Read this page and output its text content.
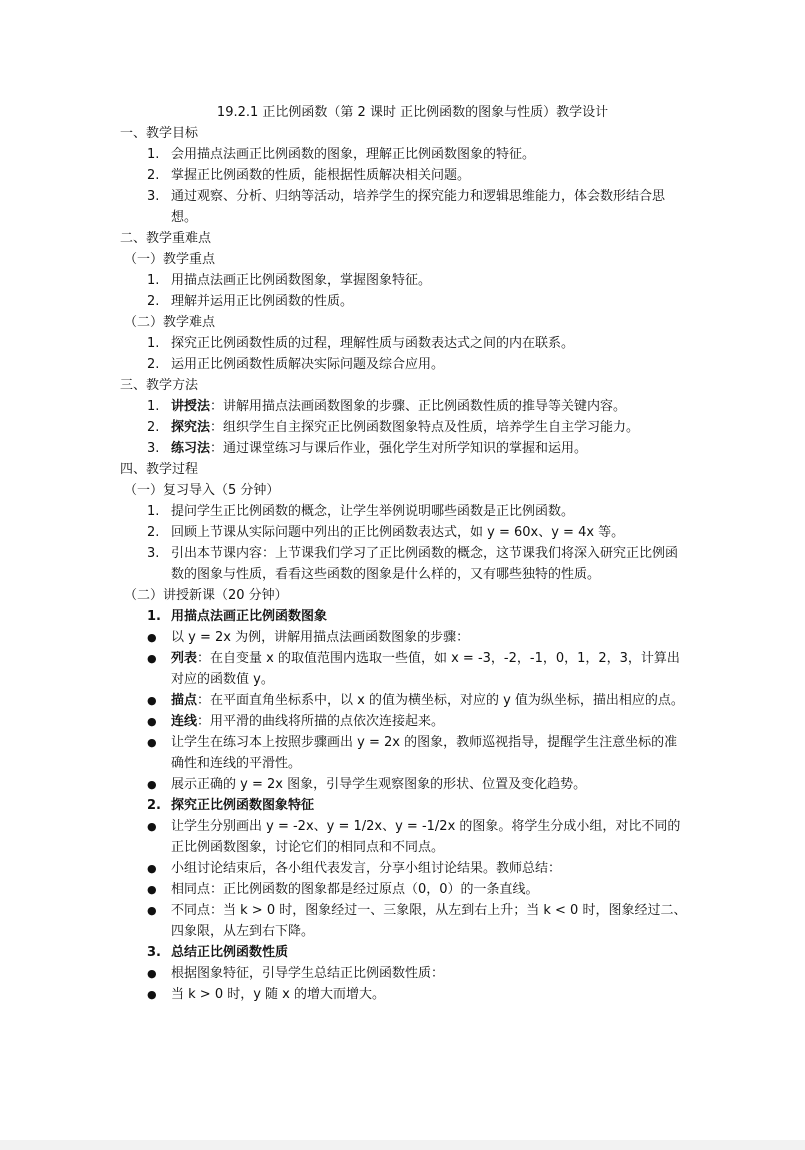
19.2.1 正比例函数（第 2 课时 正比例函数的图象与性质）教学设计
一、教学目标
1. 会用描点法画正比例函数的图象，理解正比例函数图象的特征。
2. 掌握正比例函数的性质，能根据性质解决相关问题。
3. 通过观察、分析、归纳等活动，培养学生的探究能力和逻辑思维能力，体会数形结合思想。
二、教学重难点
（一）教学重点
1. 用描点法画正比例函数图象，掌握图象特征。
2. 理解并运用正比例函数的性质。
（二）教学难点
1. 探究正比例函数性质的过程，理解性质与函数表达式之间的内在联系。
2. 运用正比例函数性质解决实际问题及综合应用。
三、教学方法
1. 讲授法：讲解用描点法画函数图象的步骤、正比例函数性质的推导等关键内容。
2. 探究法：组织学生自主探究正比例函数图象特点及性质，培养学生自主学习能力。
3. 练习法：通过课堂练习与课后作业，强化学生对所学知识的掌握和运用。
四、教学过程
（一）复习导入（5 分钟）
1. 提问学生正比例函数的概念，让学生举例说明哪些函数是正比例函数。
2. 回顾上节课从实际问题中列出的正比例函数表达式，如 y = 60x、y = 4x 等。
3. 引出本节课内容：上节课我们学习了正比例函数的概念，这节课我们将深入研究正比例函数的图象与性质，看看这些函数的图象是什么样的，又有哪些独特的性质。
（二）讲授新课（20 分钟）
1. 用描点法画正比例函数图象
● 以 y = 2x 为例，讲解用描点法画函数图象的步骤：
● 列表：在自变量 x 的取值范围内选取一些值，如 x = -3，-2，-1，0，1，2，3，计算出对应的函数值 y。
● 描点：在平面直角坐标系中，以 x 的值为横坐标，对应的 y 值为纵坐标，描出相应的点。
● 连线：用平滑的曲线将所描的点依次连接起来。
● 让学生在练习本上按照步骤画出 y = 2x 的图象，教师巡视指导，提醒学生注意坐标的准确性和连线的平滑性。
● 展示正确的 y = 2x 图象，引导学生观察图象的形状、位置及变化趋势。
2. 探究正比例函数图象特征
● 让学生分别画出 y = -2x、y = 1/2x、y = -1/2x 的图象。将学生分成小组，对比不同的正比例函数图象，讨论它们的相同点和不同点。
● 小组讨论结束后，各小组代表发言，分享小组讨论结果。教师总结：
● 相同点：正比例函数的图象都是经过原点（0，0）的一条直线。
● 不同点：当 k > 0 时，图象经过一、三象限，从左到右上升；当 k < 0 时，图象经过二、四象限，从左到右下降。
3. 总结正比例函数性质
● 根据图象特征，引导学生总结正比例函数性质：
● 当 k > 0 时，y 随 x 的增大而增大。
